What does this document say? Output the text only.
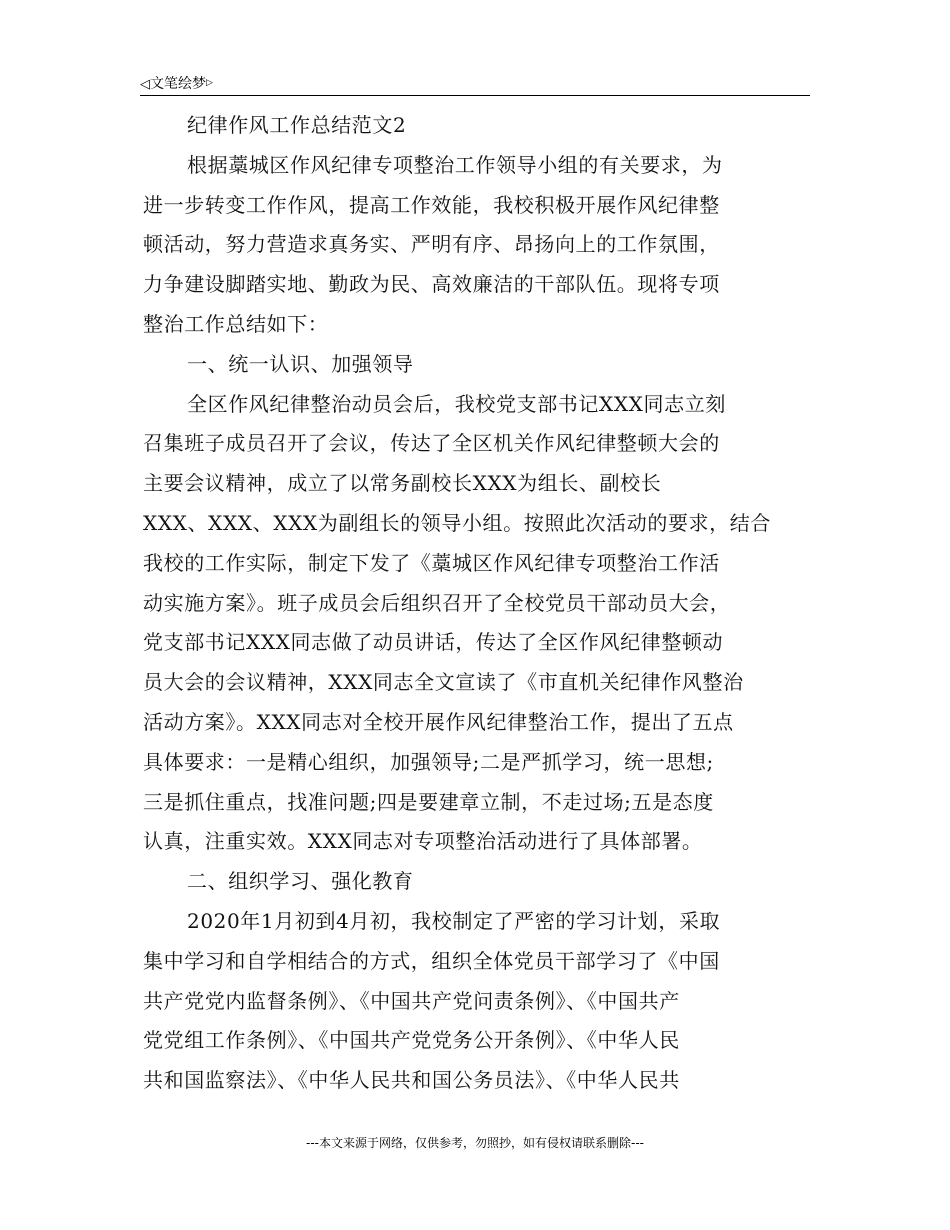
◁文笔绘梦▷
纪律作风工作总结范文2
根据藁城区作风纪律专项整治工作领导小组的有关要求，为
进一步转变工作作风，提高工作效能，我校积极开展作风纪律整
顿活动，努力营造求真务实、严明有序、昂扬向上的工作氛围，
力争建设脚踏实地、勤政为民、高效廉洁的干部队伍。现将专项
整治工作总结如下：
一、统一认识、加强领导
全区作风纪律整治动员会后，我校党支部书记XXX同志立刻
召集班子成员召开了会议，传达了全区机关作风纪律整顿大会的
主要会议精神，成立了以常务副校长XXX为组长、副校长
XXX、XXX、XXX为副组长的领导小组。按照此次活动的要求，结合
我校的工作实际，制定下发了《藁城区作风纪律专项整治工作活
动实施方案》。班子成员会后组织召开了全校党员干部动员大会，
党支部书记XXX同志做了动员讲话，传达了全区作风纪律整顿动
员大会的会议精神，XXX同志全文宣读了《市直机关纪律作风整治
活动方案》。XXX同志对全校开展作风纪律整治工作，提出了五点
具体要求：一是精心组织，加强领导;二是严抓学习，统一思想;
三是抓住重点，找准问题;四是要建章立制，不走过场;五是态度
认真，注重实效。XXX同志对专项整治活动进行了具体部署。
二、组织学习、强化教育
2020年1月初到4月初，我校制定了严密的学习计划，采取
集中学习和自学相结合的方式，组织全体党员干部学习了《中国
共产党党内监督条例》、《中国共产党问责条例》、《中国共产
党党组工作条例》、《中国共产党党务公开条例》、《中华人民
共和国监察法》、《中华人民共和国公务员法》、《中华人民共
---本文来源于网络，仅供参考，勿照抄，如有侵权请联系删除---
